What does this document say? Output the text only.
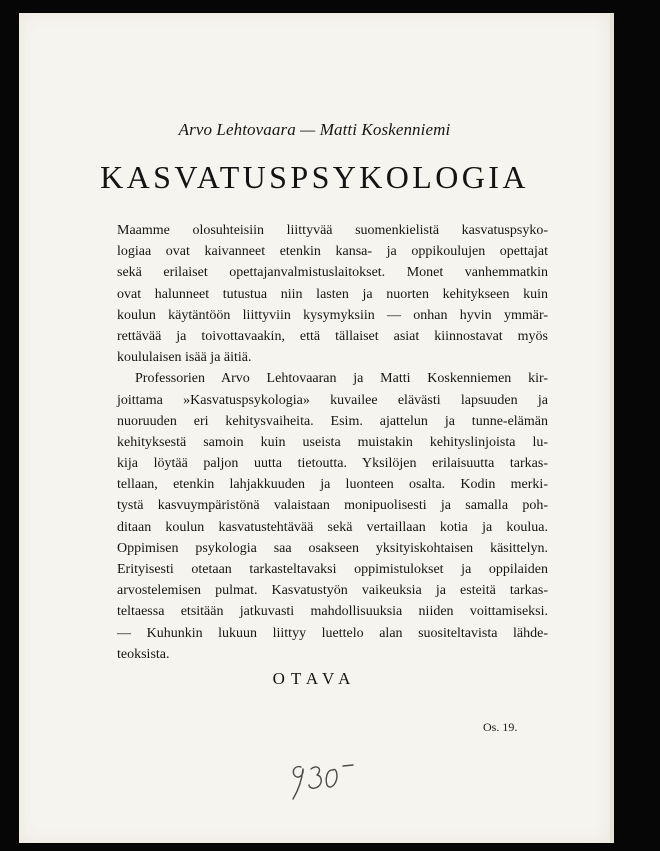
Arvo Lehtovaara — Matti Koskenniemi
KASVATUSPSYKOLOGIA
Maamme olosuhteisiin liittyvää suomenkielistä kasvatuspsyko-
logiaa ovat kaivanneet etenkin kansa- ja oppikoulujen opettajat
sekä erilaiset opettajanvalmistuslaitokset. Monet vanhemmatkin
ovat halunneet tutustua niin lasten ja nuorten kehitykseen kuin
koulun käytäntöön liittyviin kysymyksiin — onhan hyvin ymmär-
rettävää ja toivottavaakin, että tällaiset asiat kiinnostavat myös
koululaisen isää ja äitiä.
Professorien Arvo Lehtovaaran ja Matti Koskenniemen kir-
joittama »Kasvatuspsykologia» kuvailee elävästi lapsuuden ja
nuoruuden eri kehitysvaiheita. Esim. ajattelun ja tunne-elämän
kehityksestä samoin kuin useista muistakin kehityslinjoista lu-
kija löytää paljon uutta tietoutta. Yksilöjen erilaisuutta tarkas-
tellaan, etenkin lahjakkuuden ja luonteen osalta. Kodin merki-
tystä kasvuympäristönä valaistaan monipuolisesti ja samalla poh-
ditaan koulun kasvatustehtävää sekä vertaillaan kotia ja koulua.
Oppimisen psykologia saa osakseen yksityiskohtaisen käsittelyn.
Erityisesti otetaan tarkasteltavaksi oppimistulokset ja oppilaiden
arvostelemisen pulmat. Kasvatustyön vaikeuksia ja esteitä tarkas-
teltaessa etsitään jatkuvasti mahdollisuuksia niiden voittamiseksi.
— Kuhunkin lukuun liittyy luettelo alan suositeltavista lähde-
teoksista.
OTAVA
Os. 19.
